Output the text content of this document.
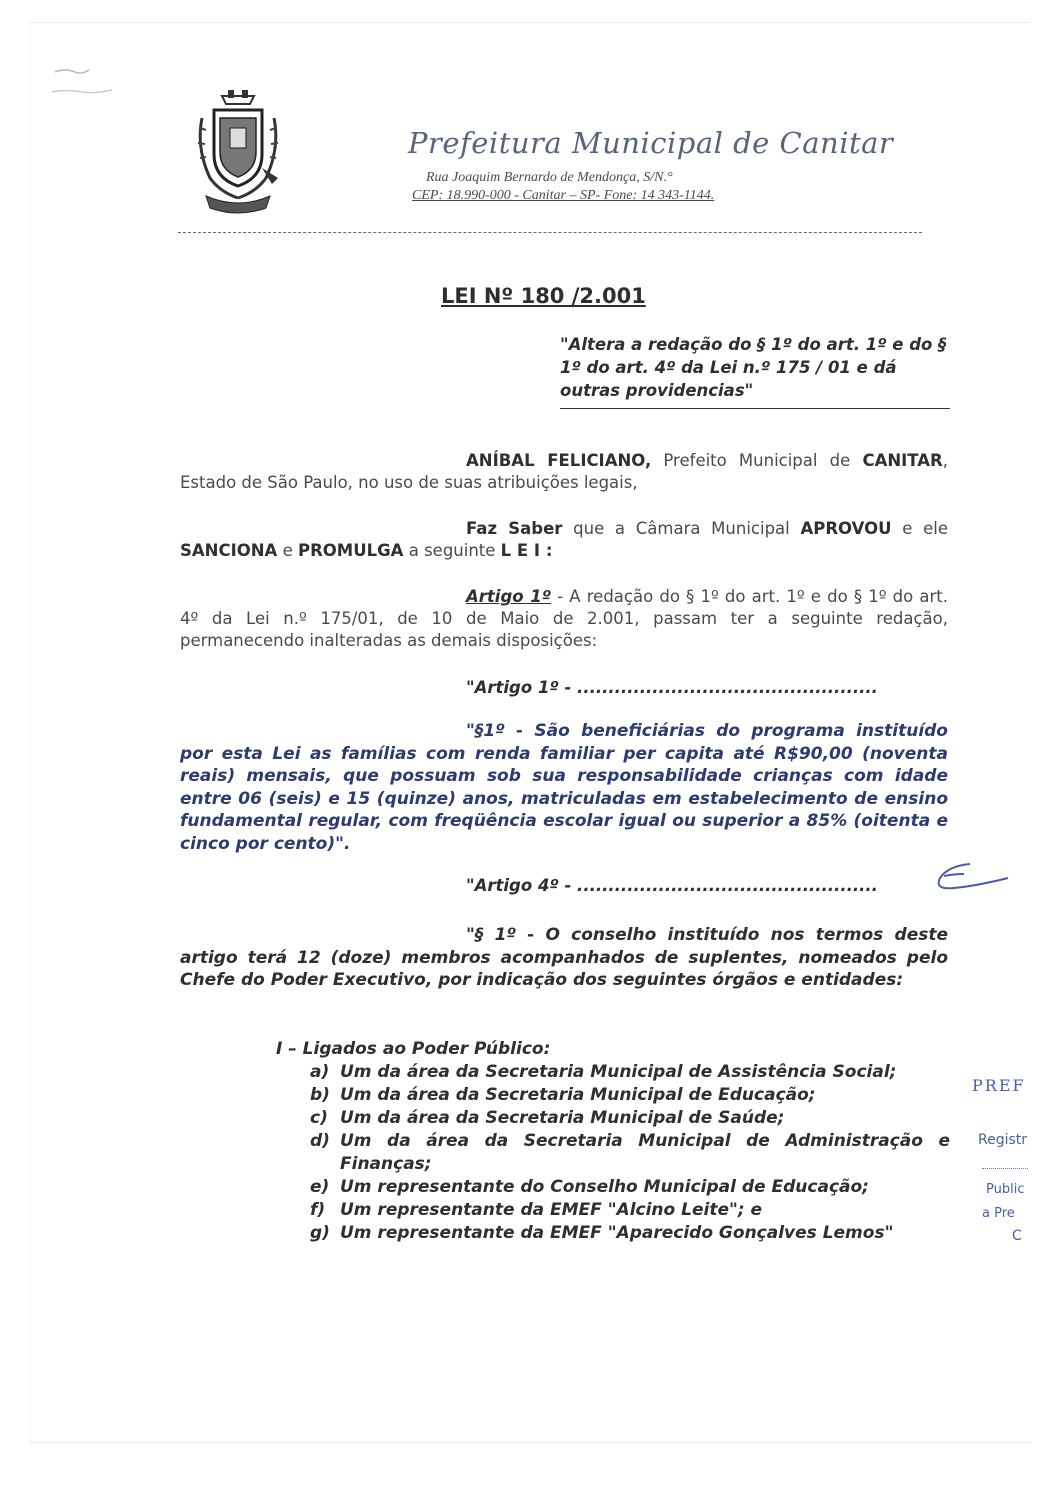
Prefeitura Municipal de Canitar
Rua Joaquim Bernardo de Mendonça, S/N.°
CEP: 18.990-000 - Canitar – SP- Fone: 14 343-1144.
LEI Nº 180 /2.001
"Altera a redação do § 1º do art. 1º e do § 1º do art. 4º da Lei n.º 175 / 01 e dá outras providencias"
ANÍBAL FELICIANO, Prefeito Municipal de CANITAR, Estado de São Paulo, no uso de suas atribuições legais,
Faz Saber que a Câmara Municipal APROVOU e ele SANCIONA e PROMULGA a seguinte L E I :
Artigo 1º - A redação do § 1º do art. 1º e do § 1º do art. 4º da Lei n.º 175/01, de 10 de Maio de 2.001, passam ter a seguinte redação, permanecendo inalteradas as demais disposições:
"Artigo 1º - ................................................
"§1º - São beneficiárias do programa instituído por esta Lei as famílias com renda familiar per capita até R$90,00 (noventa reais) mensais, que possuam sob sua responsabilidade crianças com idade entre 06 (seis) e 15 (quinze) anos, matriculadas em estabelecimento de ensino fundamental regular, com freqüência escolar igual ou superior a 85% (oitenta e cinco por cento)".
"Artigo 4º - ................................................
"§ 1º - O conselho instituído nos termos deste artigo terá 12 (doze) membros acompanhados de suplentes, nomeados pelo Chefe do Poder Executivo, por indicação dos seguintes órgãos e entidades:
I – Ligados ao Poder Público:
a) Um da área da Secretaria Municipal de Assistência Social;
b) Um da área da Secretaria Municipal de Educação;
c) Um da área da Secretaria Municipal de Saúde;
d) Um da área da Secretaria Municipal de Administração e Finanças;
e) Um representante do Conselho Municipal de Educação;
f) Um representante da EMEF "Alcino Leite"; e
g) Um representante da EMEF "Aparecido Gonçalves Lemos"
PREF
Registr
Public
a Pre
C
